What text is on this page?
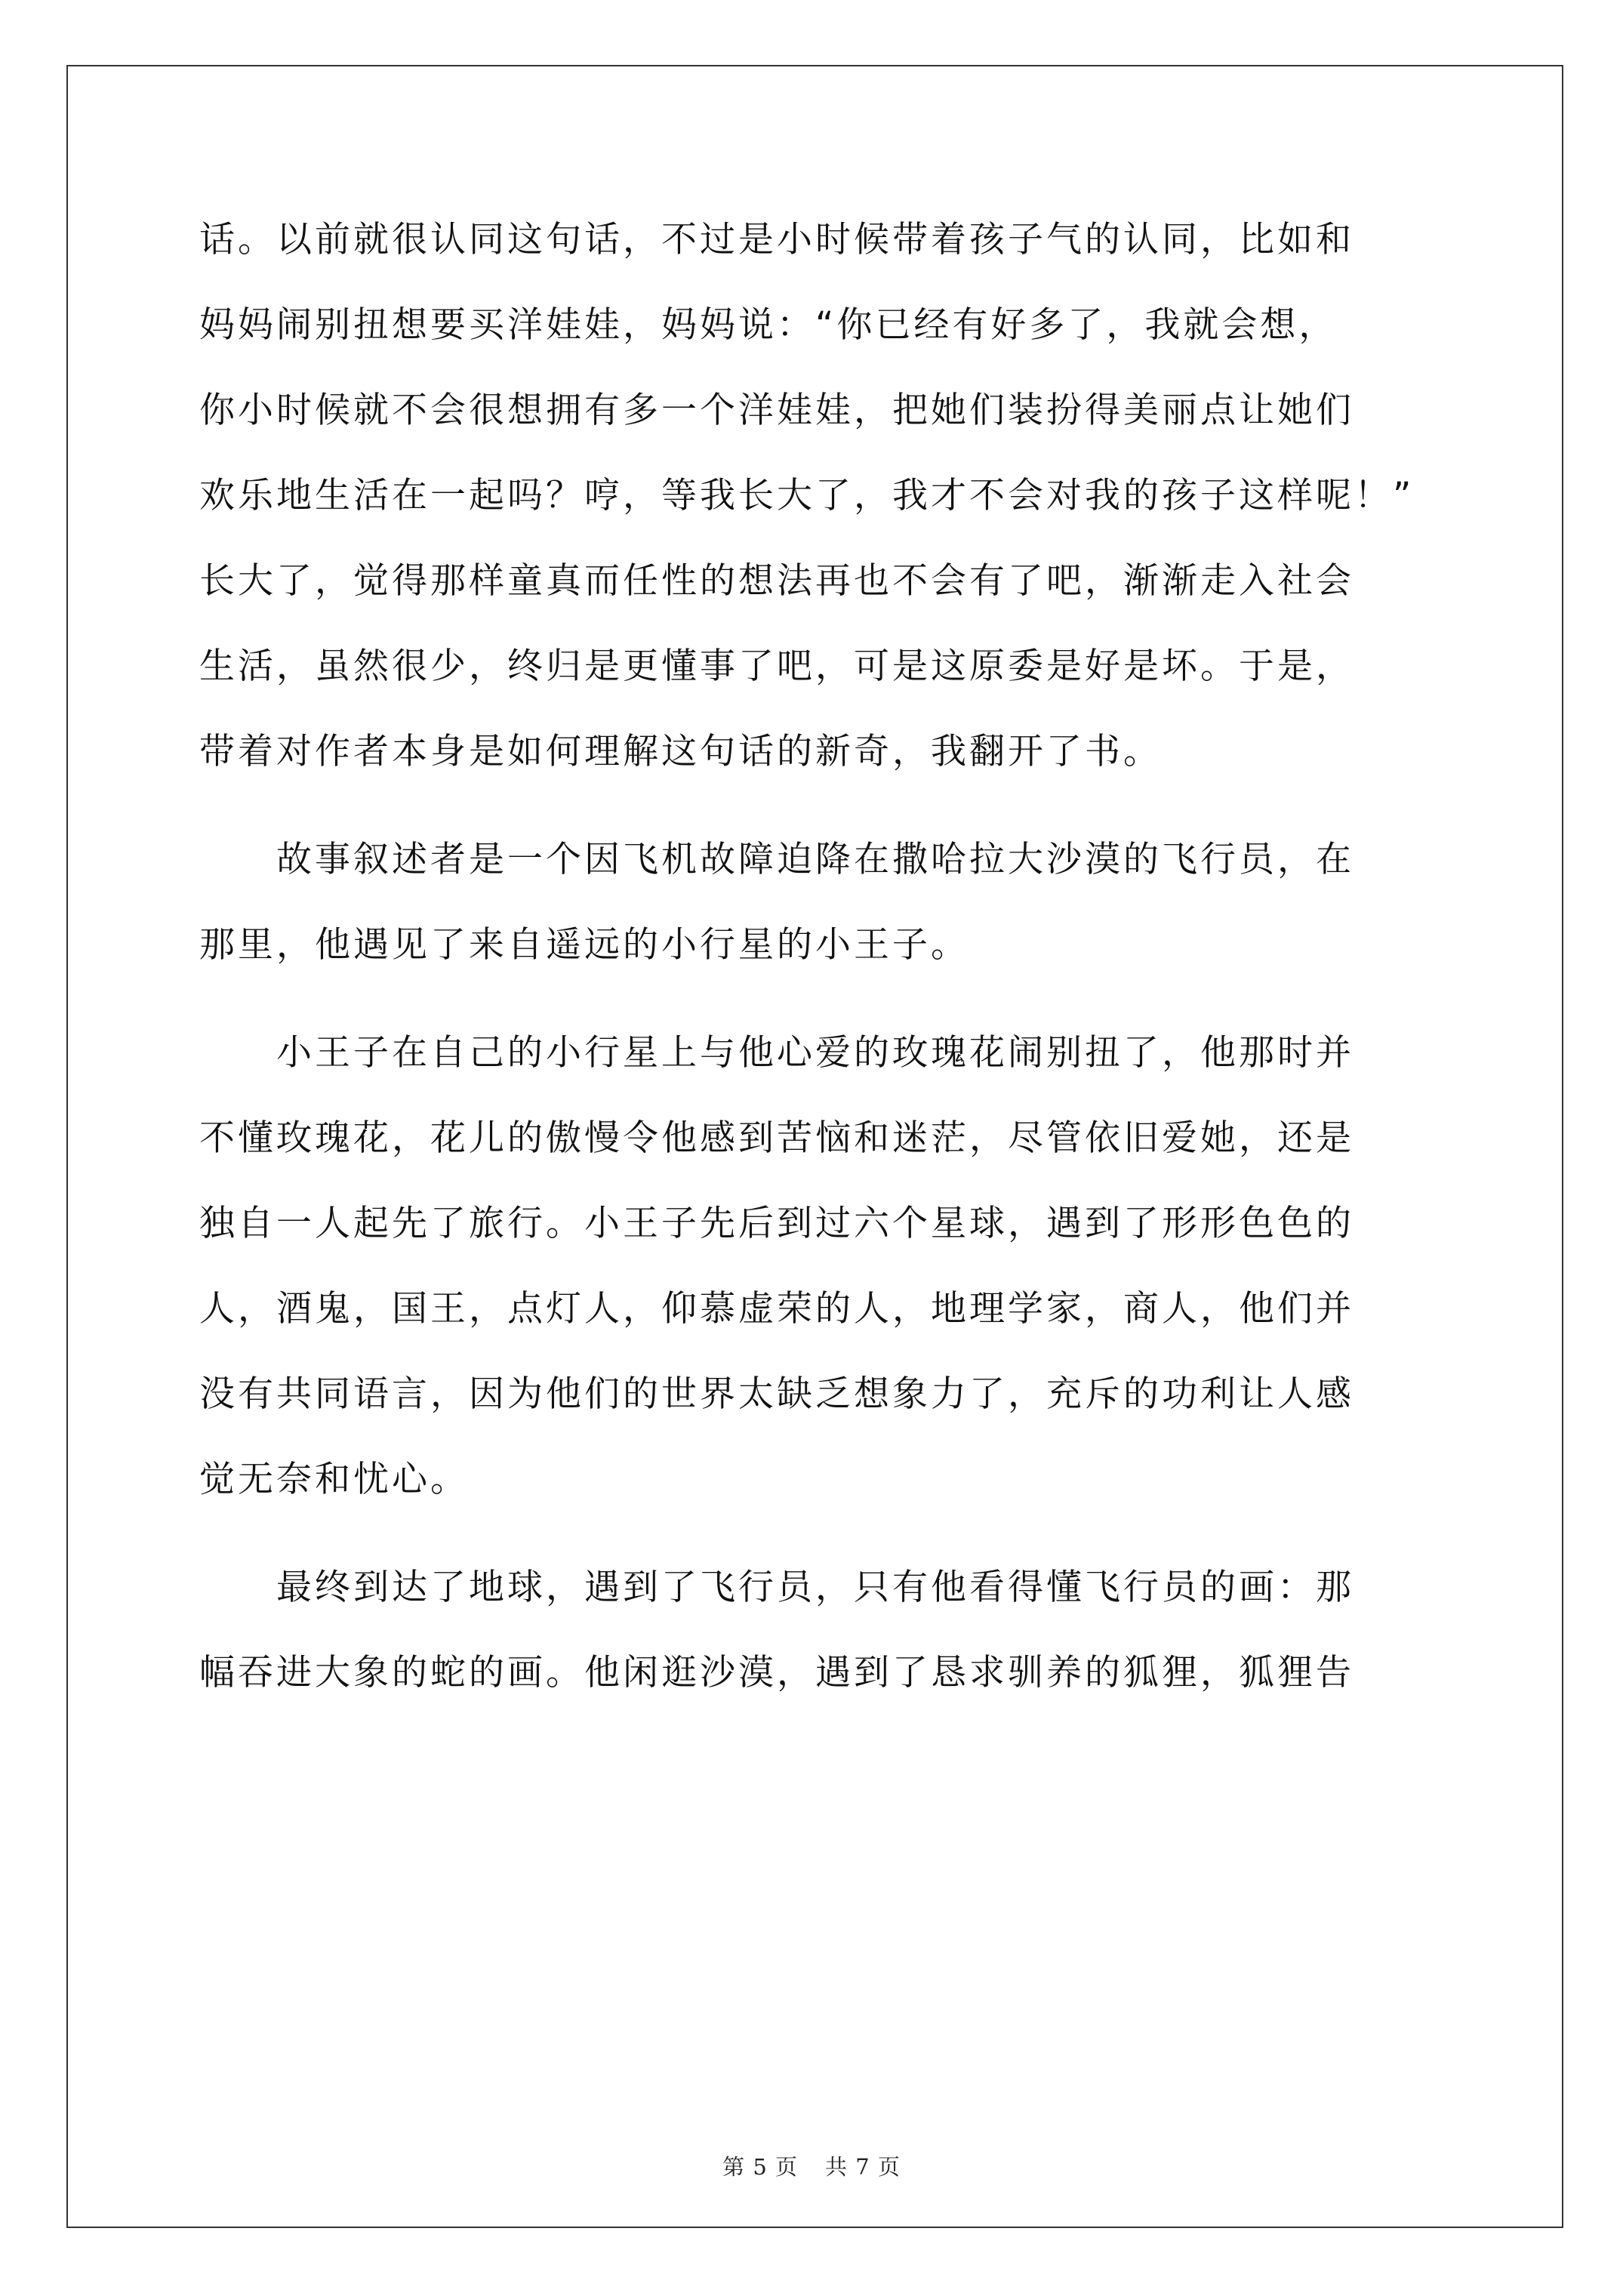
话。以前就很认同这句话，不过是小时候带着孩子气的认同，比如和
妈妈闹别扭想要买洋娃娃，妈妈说：“你已经有好多了，我就会想，
你小时候就不会很想拥有多一个洋娃娃，把她们装扮得美丽点让她们
欢乐地生活在一起吗？哼，等我长大了，我才不会对我的孩子这样呢！”
长大了，觉得那样童真而任性的想法再也不会有了吧，渐渐走入社会
生活，虽然很少，终归是更懂事了吧，可是这原委是好是坏。于是，
带着对作者本身是如何理解这句话的新奇，我翻开了书。
故事叙述者是一个因飞机故障迫降在撒哈拉大沙漠的飞行员，在
那里，他遇见了来自遥远的小行星的小王子。
小王子在自己的小行星上与他心爱的玫瑰花闹别扭了，他那时并
不懂玫瑰花，花儿的傲慢令他感到苦恼和迷茫，尽管依旧爱她，还是
独自一人起先了旅行。小王子先后到过六个星球，遇到了形形色色的
人，酒鬼，国王，点灯人，仰慕虚荣的人，地理学家，商人，他们并
没有共同语言，因为他们的世界太缺乏想象力了，充斥的功利让人感
觉无奈和忧心。
最终到达了地球，遇到了飞行员，只有他看得懂飞行员的画：那
幅吞进大象的蛇的画。他闲逛沙漠，遇到了恳求驯养的狐狸，狐狸告
第 5 页 共 7 页
